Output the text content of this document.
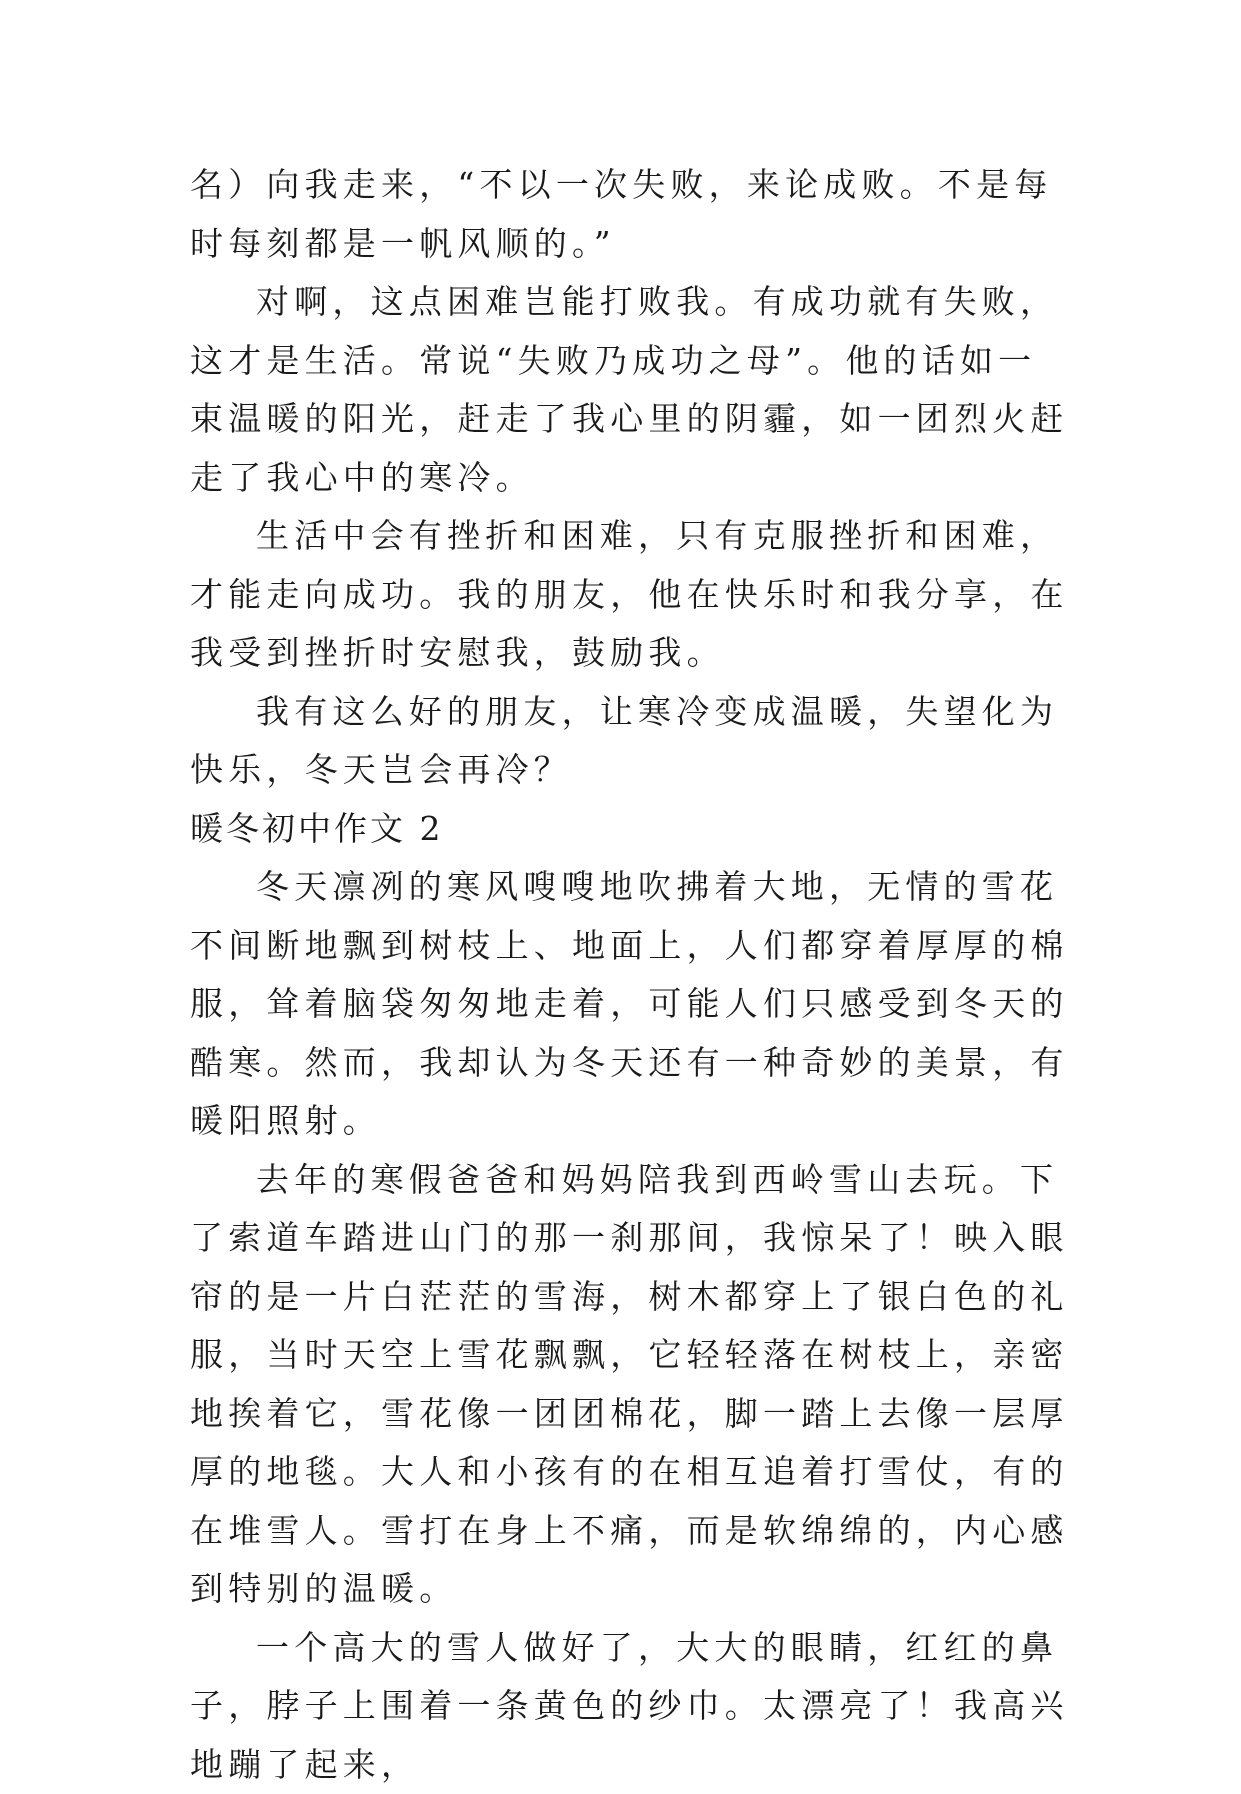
名）向我走来，“不以一次失败，来论成败。不是每时每刻都是一帆风顺的。”

对啊，这点困难岂能打败我。有成功就有失败，这才是生活。常说“失败乃成功之母”。他的话如一束温暖的阳光，赶走了我心里的阴霾，如一团烈火赶走了我心中的寒冷。

生活中会有挫折和困难，只有克服挫折和困难，才能走向成功。我的朋友，他在快乐时和我分享，在我受到挫折时安慰我，鼓励我。

我有这么好的朋友，让寒冷变成温暖，失望化为快乐，冬天岂会再冷？

暖冬初中作文 2

冬天凛冽的寒风嗖嗖地吹拂着大地，无情的雪花不间断地飘到树枝上、地面上，人们都穿着厚厚的棉服，耸着脑袋匆匆地走着，可能人们只感受到冬天的酷寒。然而，我却认为冬天还有一种奇妙的美景，有暖阳照射。

去年的寒假爸爸和妈妈陪我到西岭雪山去玩。下了索道车踏进山门的那一刹那间，我惊呆了！映入眼帘的是一片白茫茫的雪海，树木都穿上了银白色的礼服，当时天空上雪花飘飘，它轻轻落在树枝上，亲密地挨着它，雪花像一团团棉花，脚一踏上去像一层厚厚的地毯。大人和小孩有的在相互追着打雪仗，有的在堆雪人。雪打在身上不痛，而是软绵绵的，内心感到特别的温暖。

一个高大的雪人做好了，大大的眼睛，红红的鼻子，脖子上围着一条黄色的纱巾。太漂亮了！我高兴地蹦了起来，
